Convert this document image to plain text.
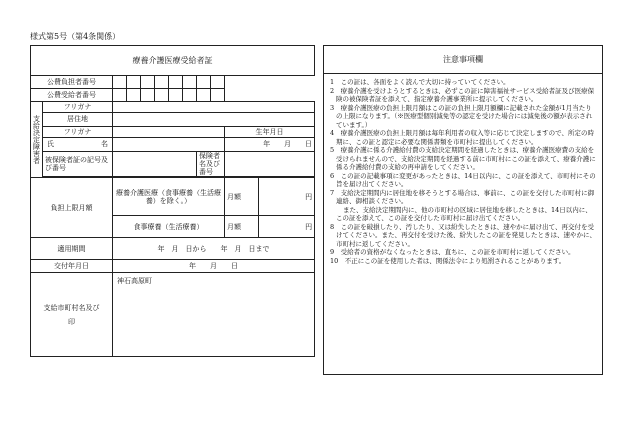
様式第5号（第4条関係）
療養介護医療受給者証											
公費負担者番号											
公費受給者番号											
支給決定障害者	フリガナ										
	居住地										
	フリガナ									生年月日	
	氏　　名									年　　月　　日	
	被保険者証の記号及び番号							保険者名及び番号			

負担上限月額		療養介護医療（食事療養（生活療養）を除く。）								月額	円
		食事療養（生活療養）								月額	円
適用期間		年　月　日から　　年　月　日まで									
交付年月日		年　　月　　日									
支給市町村名及び印		神石高原町									
注意事項欄
1　この証は、各面をよく読んで大切に持っていてください。
2　療養介護を受けようとするときは、必ずこの証に障害福祉サービス受給者証及び医療保険の被保険者証を添えて、指定療養介護事業所に提示してください。
3　療養介護医療の負担上限月額はこの証の負担上限月額欄に記載された金額が1月当たりの上限になります。（※医療型個別減免等の認定を受けた場合には減免後の額が表示されています。）
4　療養介護医療の負担上限月額は毎年利用者の収入等に応じて決定しますので、所定の時期に、この証と認定に必要な関係書類を市町村に提出してください。
5　療養介護に係る介護給付費の支給決定期間を経過したときは、療養介護医療費の支給を受けられませんので、支給決定期間を経過する前に市町村にこの証を添えて、療養介護に係る介護給付費の支給の再申請をしてください。
6　この証の記載事項に変更があったときは、14日以内に、この証を添えて、市町村にその旨を届け出てください。
7　支給決定期間内に居住地を移そうとする場合は、事前に、この証を交付した市町村に御連絡、御相談ください。
　　また、支給決定期間内に、他の市町村の区域に居住地を移したときは、14日以内に、この証を添えて、この証を交付した市町村に届け出てください。
8　この証を破損したり、汚したり、又は紛失したときは、速やかに届け出て、再交付を受けてください。また、再交付を受けた後、紛失したこの証を発見したときは、速やかに、市町村に返してください。
9　受給者の資格がなくなったときは、直ちに、この証を市町村に返してください。
10　不正にこの証を使用した者は、関係法令により処罰されることがあります。
